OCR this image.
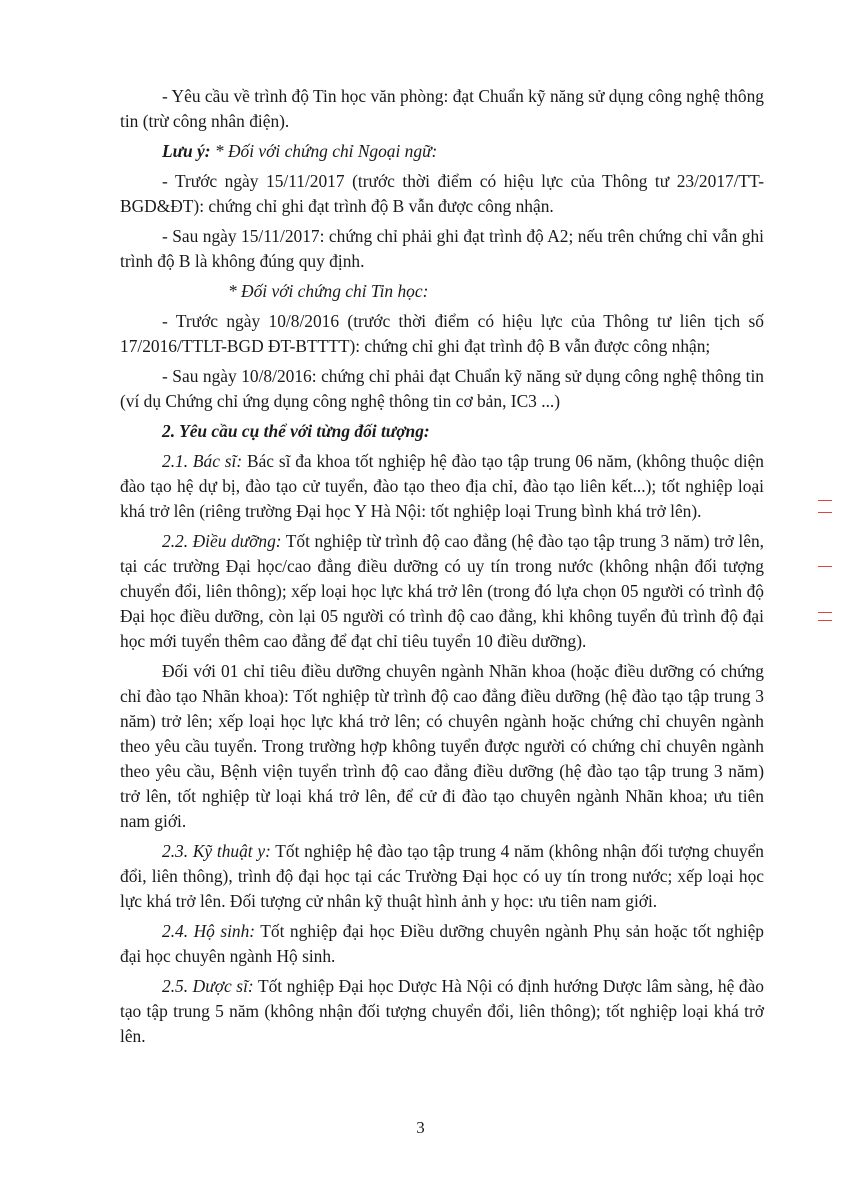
- Yêu cầu về trình độ Tin học văn phòng: đạt Chuẩn kỹ năng sử dụng công nghệ thông tin (trừ công nhân điện).

Lưu ý: * Đối với chứng chỉ Ngoại ngữ:

- Trước ngày 15/11/2017 (trước thời điểm có hiệu lực của Thông tư 23/2017/TT-BGD&ĐT): chứng chỉ ghi đạt trình độ B vẫn được công nhận.

- Sau ngày 15/11/2017: chứng chỉ phải ghi đạt trình độ A2; nếu trên chứng chỉ vẫn ghi trình độ B là không đúng quy định.

* Đối với chứng chỉ Tin học:

- Trước ngày 10/8/2016 (trước thời điểm có hiệu lực của Thông tư liên tịch số 17/2016/TTLT-BGD ĐT-BTTTT): chứng chỉ ghi đạt trình độ B vẫn được công nhận;

- Sau ngày 10/8/2016: chứng chỉ phải đạt Chuẩn kỹ năng sử dụng công nghệ thông tin (ví dụ Chứng chỉ ứng dụng công nghệ thông tin cơ bản, IC3 ...)

2. Yêu cầu cụ thể với từng đối tượng:

2.1. Bác sĩ: Bác sĩ đa khoa tốt nghiệp hệ đào tạo tập trung 06 năm, (không thuộc diện đào tạo hệ dự bị, đào tạo cử tuyển, đào tạo theo địa chỉ, đào tạo liên kết...); tốt nghiệp loại khá trở lên (riêng trường Đại học Y Hà Nội: tốt nghiệp loại Trung bình khá trở lên).

2.2. Điều dưỡng: Tốt nghiệp từ trình độ cao đẳng (hệ đào tạo tập trung 3 năm) trở lên, tại các trường Đại học/cao đẳng điều dưỡng có uy tín trong nước (không nhận đối tượng chuyển đổi, liên thông); xếp loại học lực khá trở lên (trong đó lựa chọn 05 người có trình độ Đại học điều dưỡng, còn lại 05 người có trình độ cao đẳng, khi không tuyển đủ trình độ đại học mới tuyển thêm cao đẳng để đạt chỉ tiêu tuyển 10 điều dưỡng).

Đối với 01 chỉ tiêu điều dưỡng chuyên ngành Nhãn khoa (hoặc điều dưỡng có chứng chỉ đào tạo Nhãn khoa): Tốt nghiệp từ trình độ cao đẳng điều dưỡng (hệ đào tạo tập trung 3 năm) trở lên; xếp loại học lực khá trở lên; có chuyên ngành hoặc chứng chỉ chuyên ngành theo yêu cầu tuyển. Trong trường hợp không tuyển được người có chứng chỉ chuyên ngành theo yêu cầu, Bệnh viện tuyển trình độ cao đẳng điều dưỡng (hệ đào tạo tập trung 3 năm) trở lên, tốt nghiệp từ loại khá trở lên, để cử đi đào tạo chuyên ngành Nhãn khoa; ưu tiên nam giới.

2.3. Kỹ thuật y: Tốt nghiệp hệ đào tạo tập trung 4 năm (không nhận đối tượng chuyển đổi, liên thông), trình độ đại học tại các Trường Đại học có uy tín trong nước; xếp loại học lực khá trở lên. Đối tượng cử nhân kỹ thuật hình ảnh y học: ưu tiên nam giới.

2.4. Hộ sinh: Tốt nghiệp đại học Điều dưỡng chuyên ngành Phụ sản hoặc tốt nghiệp đại học chuyên ngành Hộ sinh.

2.5. Dược sĩ: Tốt nghiệp Đại học Dược Hà Nội có định hướng Dược lâm sàng, hệ đào tạo tập trung 5 năm (không nhận đối tượng chuyển đổi, liên thông); tốt nghiệp loại khá trở lên.

3
